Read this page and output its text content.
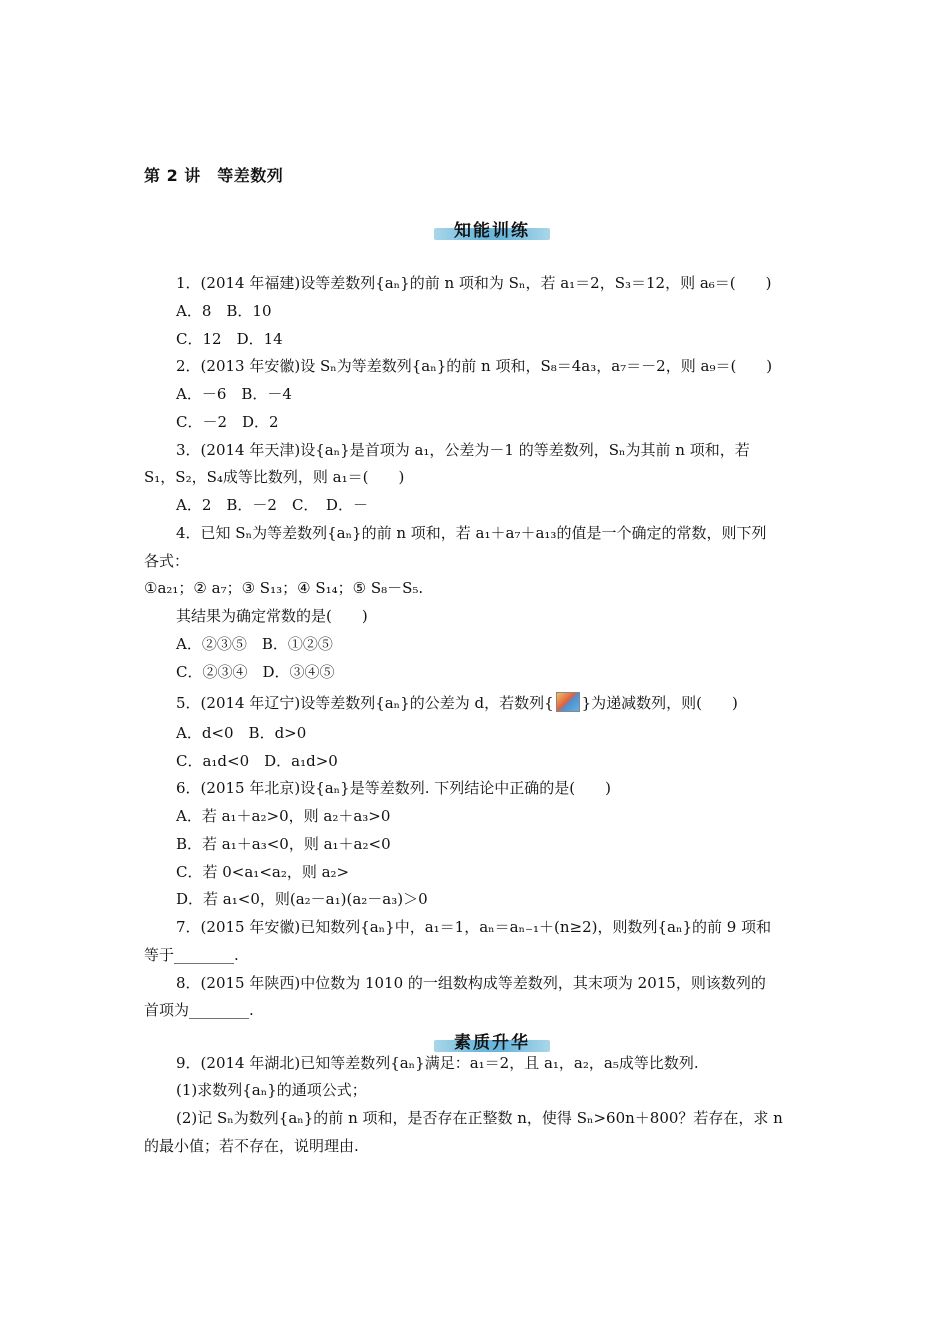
第 2 讲　等差数列
知能训练
1．(2014 年福建)设等差数列{aₙ}的前 n 项和为 Sₙ，若 a₁＝2，S₃＝12，则 a₆＝(　　)
A．8　B．10
C．12　D．14
2．(2013 年安徽)设 Sₙ为等差数列{aₙ}的前 n 项和，S₈＝4a₃，a₇＝－2，则 a₉＝(　　)
A．－6　B．－4
C．－2　D．2
3．(2014 年天津)设{aₙ}是首项为 a₁，公差为－1 的等差数列，Sₙ为其前 n 项和，若
S₁，S₂，S₄成等比数列，则 a₁＝(　　)
A．2　B．－2　C．　D．－
4．已知 Sₙ为等差数列{aₙ}的前 n 项和，若 a₁＋a₇＋a₁₃的值是一个确定的常数，则下列
各式：
①a₂₁；② a₇；③ S₁₃；④ S₁₄；⑤ S₈－S₅.
其结果为确定常数的是(　　)
A．②③⑤　B．①②⑤
C．②③④　D．③④⑤
5．(2014 年辽宁)设等差数列{aₙ}的公差为 d，若数列{ }为递减数列，则(　　)
A．d<0　B．d>0
C．a₁d<0　D．a₁d>0
6．(2015 年北京)设{aₙ}是等差数列. 下列结论中正确的是(　　)
A．若 a₁＋a₂>0，则 a₂＋a₃>0
B．若 a₁＋a₃<0，则 a₁＋a₂<0
C．若 0<a₁<a₂，则 a₂>
D．若 a₁<0，则(a₂－a₁)(a₂－a₃)＞0
7．(2015 年安徽)已知数列{aₙ}中，a₁＝1，aₙ＝aₙ₋₁＋(n≥2)，则数列{aₙ}的前 9 项和
等于________.
8．(2015 年陕西)中位数为 1010 的一组数构成等差数列，其末项为 2015，则该数列的
首项为________.
素质升华
9．(2014 年湖北)已知等差数列{aₙ}满足：a₁＝2，且 a₁，a₂，a₅成等比数列.
(1)求数列{aₙ}的通项公式；
(2)记 Sₙ为数列{aₙ}的前 n 项和，是否存在正整数 n，使得 Sₙ>60n＋800？若存在，求 n
的最小值；若不存在，说明理由.
